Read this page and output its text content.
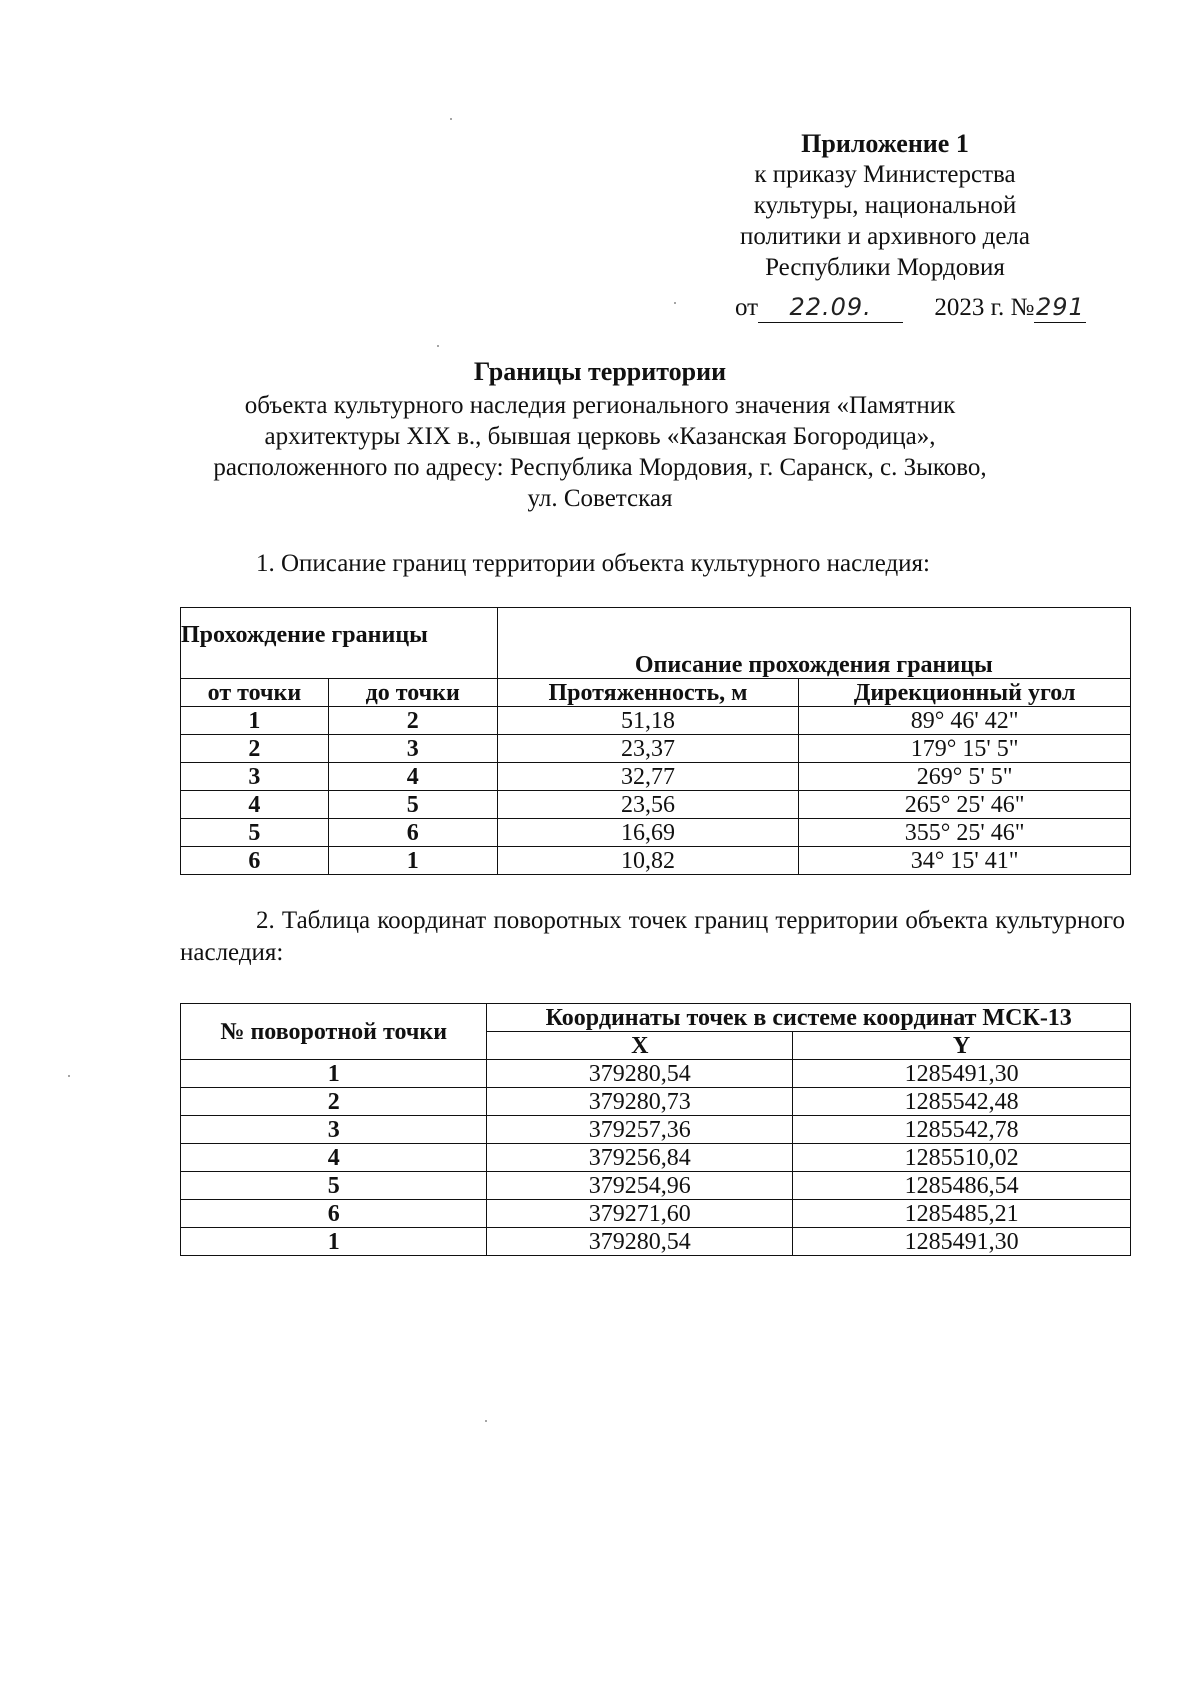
Приложение 1
к приказу Министерства
культуры, национальной
политики и архивного дела
Республики Мордовия
от 22.09.	2023 г. №291
Границы территории
объекта культурного наследия регионального значения «Памятник
архитектуры XIX в., бывшая церковь «Казанская Богородица»,
расположенного по адресу: Республика Мордовия, г. Саранск, с. Зыково,
ул. Советская
1. Описание границ территории объекта культурного наследия:
Прохождение границы		Описание прохождения границы	
от точки	до точки	Протяженность, м	Дирекционный угол
1	2	51,18	89° 46' 42"
2	3	23,37	179° 15' 5"
3	4	32,77	269° 5' 5"
4	5	23,56	265° 25' 46"
5	6	16,69	355° 25' 46"
6	1	10,82	34° 15' 41"
2. Таблица координат поворотных точек границ территории объекта культурного наследия:
№ поворотной точки	Координаты точек в системе координат МСК-13	
	X	Y
1	379280,54	1285491,30
2	379280,73	1285542,48
3	379257,36	1285542,78
4	379256,84	1285510,02
5	379254,96	1285486,54
6	379271,60	1285485,21
1	379280,54	1285491,30
